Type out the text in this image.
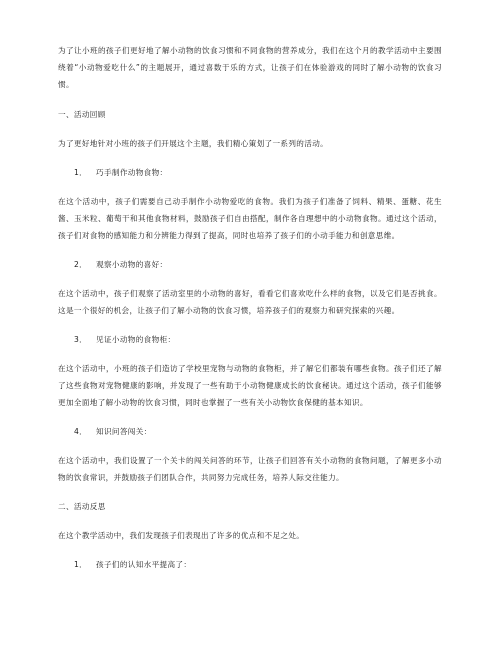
为了让小班的孩子们更好地了解小动物的饮食习惯和不同食物的营养成分，我们在这个月的教学活动中主要围绕着“小动物爱吃什么”的主题展开，通过喜数于乐的方式，让孩子们在体验游戏的同时了解小动物的饮食习惯。

一、活动回顾

为了更好地针对小班的孩子们开展这个主题，我们精心策划了一系列的活动。

1． 巧手制作动物食物：

在这个活动中，孩子们需要自己动手制作小动物爱吃的食物。我们为孩子们准备了饲料、精果、蛋糖、花生酱、玉米粒、葡萄干和其他食物材料，鼓励孩子们自由搭配，制作各自理想中的小动物食物。通过这个活动，孩子们对食物的感知能力和分辨能力得到了提高，同时也培养了孩子们的小动手能力和创意思维。

2． 观察小动物的喜好：

在这个活动中，孩子们观察了活动室里的小动物的喜好，看看它们喜欢吃什么样的食物，以及它们是否挑食。这是一个很好的机会，让孩子们了解小动物的饮食习惯，培养孩子们的观察力和研究探索的兴趣。

3． 见证小动物的食物柜：

在这个活动中，小班的孩子们造访了学校里宠物与动物的食物柜，并了解它们都装有哪些食物。孩子们还了解了这些食物对宠物健康的影响，并发现了一些有助于小动物健康成长的饮食秘诀。通过这个活动，孩子们能够更加全面地了解小动物的饮食习惯，同时也掌握了一些有关小动物饮食保健的基本知识。

4． 知识问答闯关：

在这个活动中，我们设置了一个关卡的闯关问答的环节，让孩子们回答有关小动物的食物问题，了解更多小动物的饮食常识，并鼓励孩子们团队合作，共同努力完成任务，培养人际交往能力。

二、活动反思

在这个教学活动中，我们发现孩子们表现出了许多的优点和不足之处。

1． 孩子们的认知水平提高了：
